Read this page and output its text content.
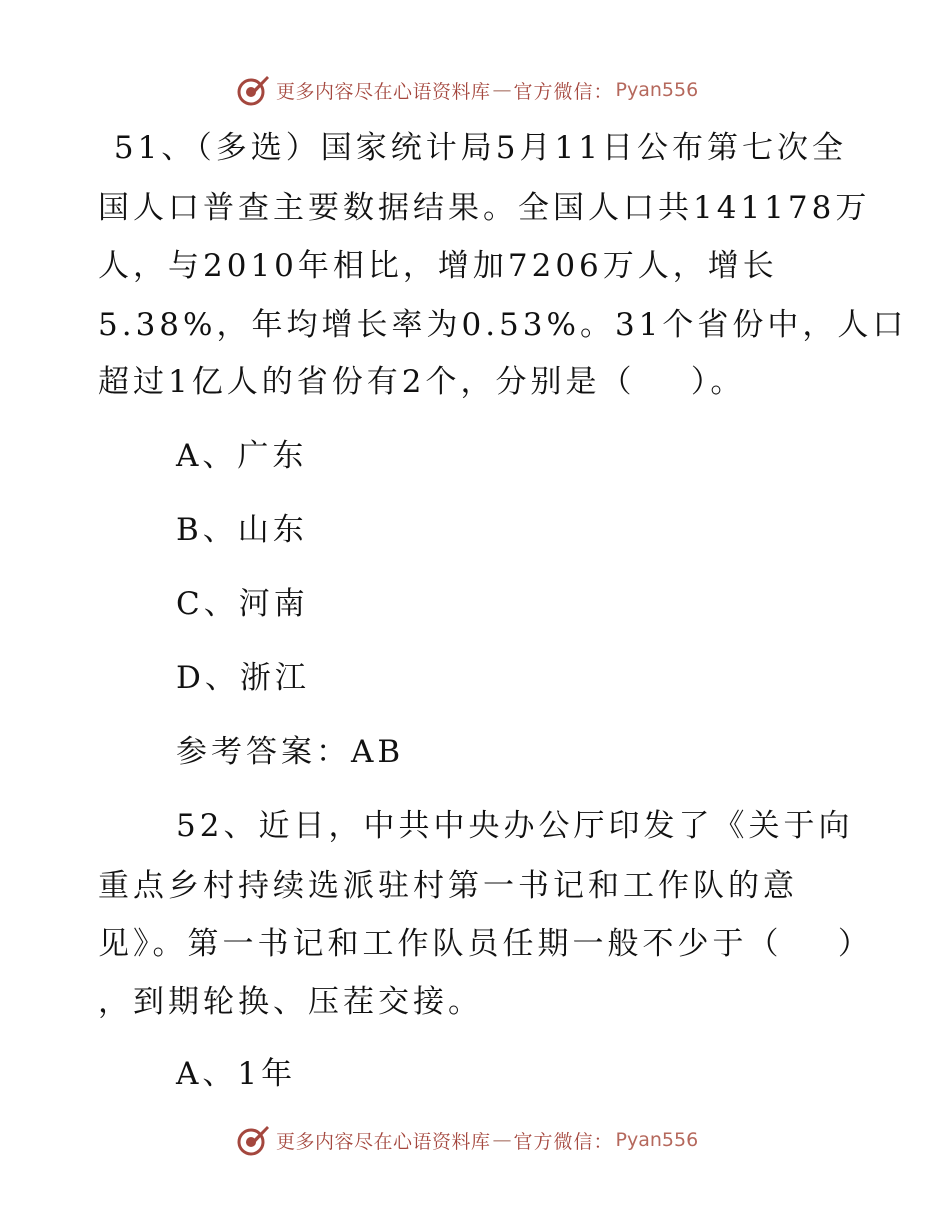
更多内容尽在心语资料库 — 官方微信： Pyan556
51、（多选）国家统计局5月11日公布第七次全
国人口普查主要数据结果。全国人口共141178万
人，与2010年相比，增加7206万人，增长
5.38%，年均增长率为0.53%。31个省份中，人口
超过1亿人的省份有2个，分别是（    ）。
A、广东
B、山东
C、河南
D、浙江
参考答案：AB
52、近日，中共中央办公厅印发了《关于向
重点乡村持续选派驻村第一书记和工作队的意
见》。第一书记和工作队员任期一般不少于（    ）
，到期轮换、压茬交接。
A、1年
更多内容尽在心语资料库 — 官方微信： Pyan556
